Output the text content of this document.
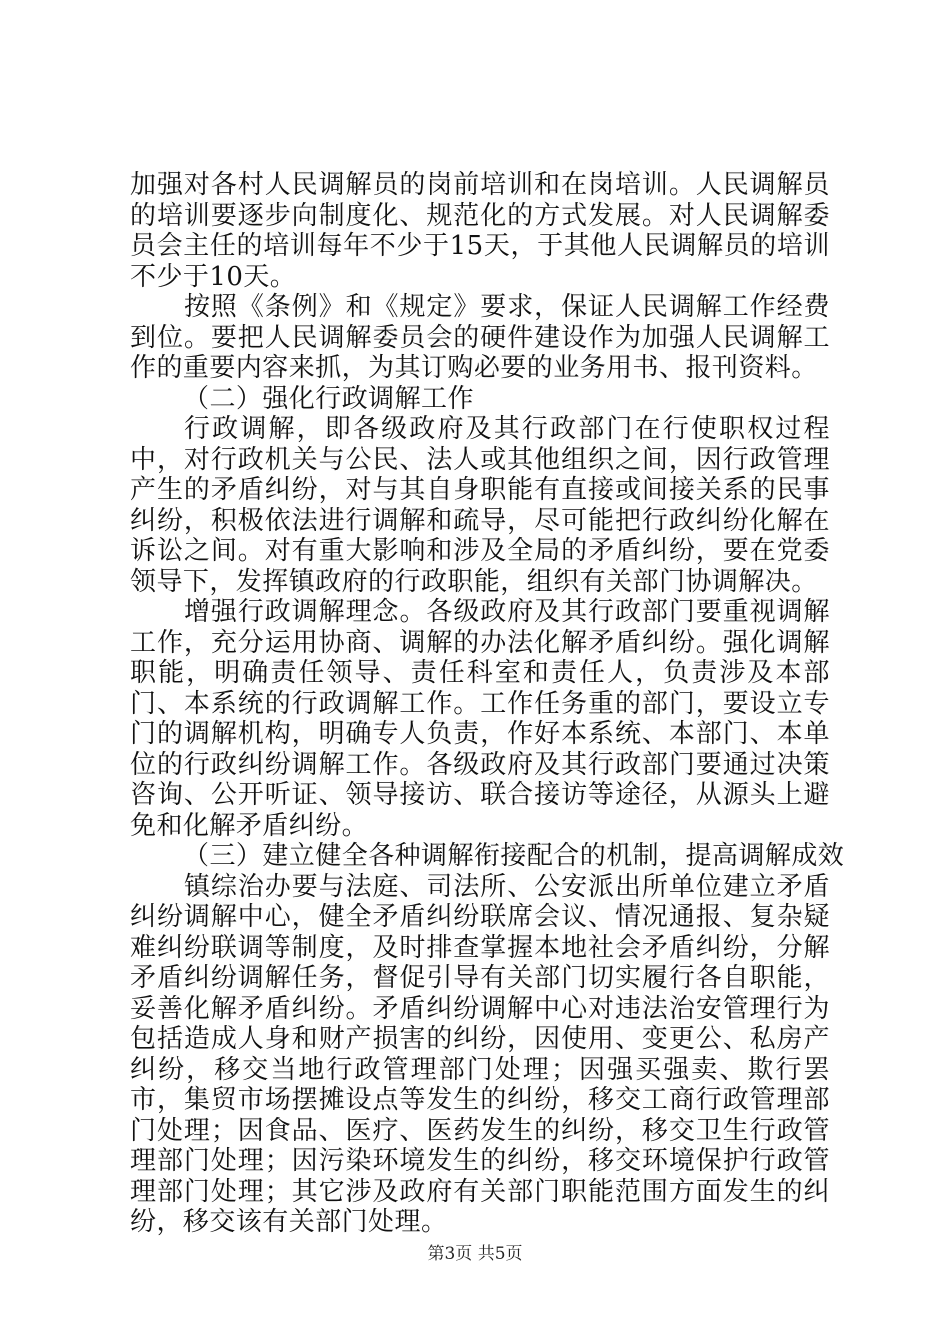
加强对各村人民调解员的岗前培训和在岗培训。人民调解员的培训要逐步向制度化、规范化的方式发展。对人民调解委员会主任的培训每年不少于15天，于其他人民调解员的培训不少于10天。

按照《条例》和《规定》要求，保证人民调解工作经费到位。要把人民调解委员会的硬件建设作为加强人民调解工作的重要内容来抓，为其订购必要的业务用书、报刊资料。

（二）强化行政调解工作

行政调解，即各级政府及其行政部门在行使职权过程中，对行政机关与公民、法人或其他组织之间，因行政管理产生的矛盾纠纷，对与其自身职能有直接或间接关系的民事纠纷，积极依法进行调解和疏导，尽可能把行政纠纷化解在诉讼之间。对有重大影响和涉及全局的矛盾纠纷，要在党委领导下，发挥镇政府的行政职能，组织有关部门协调解决。

增强行政调解理念。各级政府及其行政部门要重视调解工作，充分运用协商、调解的办法化解矛盾纠纷。强化调解职能，明确责任领导、责任科室和责任人，负责涉及本部门、本系统的行政调解工作。工作任务重的部门，要设立专门的调解机构，明确专人负责，作好本系统、本部门、本单位的行政纠纷调解工作。各级政府及其行政部门要通过决策咨询、公开听证、领导接访、联合接访等途径，从源头上避免和化解矛盾纠纷。

（三）建立健全各种调解衔接配合的机制，提高调解成效

镇综治办要与法庭、司法所、公安派出所单位建立矛盾纠纷调解中心，健全矛盾纠纷联席会议、情况通报、复杂疑难纠纷联调等制度，及时排查掌握本地社会矛盾纠纷，分解矛盾纠纷调解任务，督促引导有关部门切实履行各自职能，妥善化解矛盾纠纷。矛盾纠纷调解中心对违法治安管理行为包括造成人身和财产损害的纠纷，因使用、变更公、私房产纠纷，移交当地行政管理部门处理；因强买强卖、欺行罢市，集贸市场摆摊设点等发生的纠纷，移交工商行政管理部门处理；因食品、医疗、医药发生的纠纷，移交卫生行政管理部门处理；因污染环境发生的纠纷，移交环境保护行政管理部门处理；其它涉及政府有关部门职能范围方面发生的纠纷，移交该有关部门处理。

第3页 共5页
